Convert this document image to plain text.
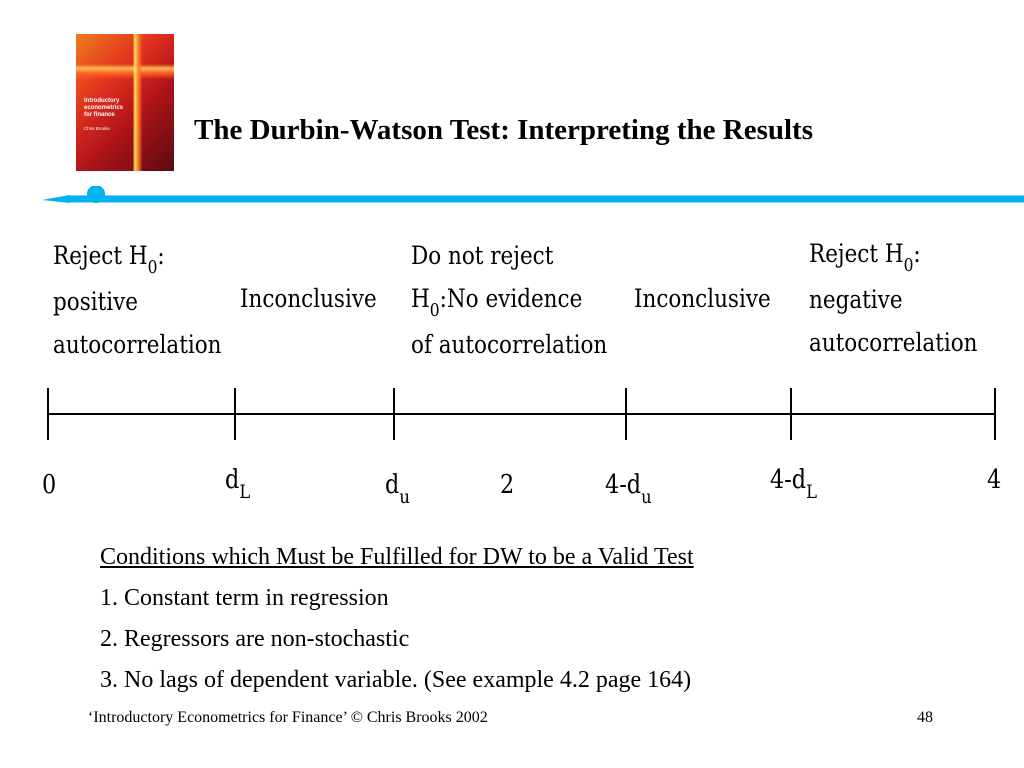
Introductory
econometrics
for finance
Chris Brooks	The Durbin-Watson Test: Interpreting the Results
Reject $H_0$:
positive
autocorrelation
Inconclusive
Do not reject
$H_0:No$ evidence
of autocorrelation
Inconclusive
Reject $H_0$:
negative
autocorrelation
0	$d_L$	$d_u$	2	$4-d_u$
$4-d_L$	4
Conditions which Must be Fulfilled for DW to be a Valid Test
1. Constant term in regression
2. Regressors are non-stochastic
3. No lags of dependent variable. (See example 4.2 page 164)
‘Introductory Econometrics for Finance’ © Chris Brooks 2002	48
